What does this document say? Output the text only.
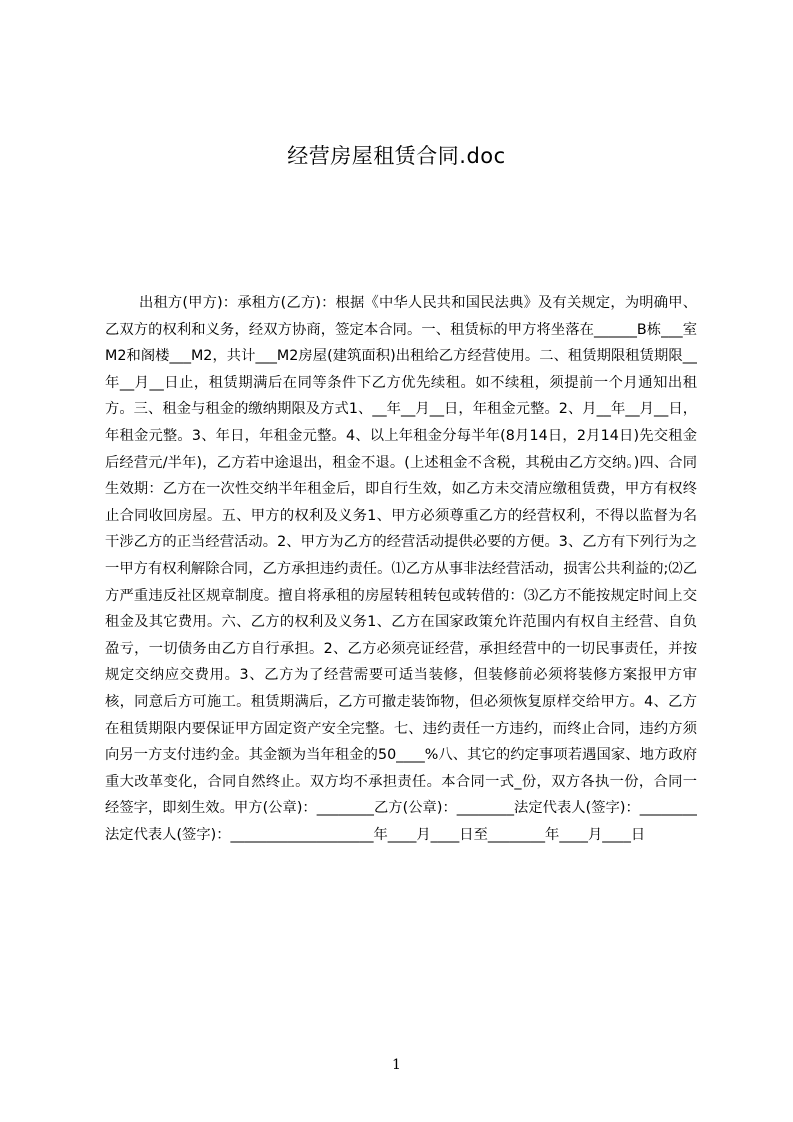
经营房屋租赁合同.doc

出租方(甲方)：承租方(乙方)：根据《中华人民共和国民法典》及有关规定，为明确甲、乙双方的权利和义务，经双方协商，签定本合同。一、租赁标的甲方将坐落在______B栋___室M2和阁楼___M2，共计___M2房屋(建筑面积)出租给乙方经营使用。二、租赁期限租赁期限__年__月__日止，租赁期满后在同等条件下乙方优先续租。如不续租，须提前一个月通知出租方。三、租金与租金的缴纳期限及方式1、__年__月__日，年租金元整。2、月__年__月__日，年租金元整。3、年日，年租金元整。4、以上年租金分每半年(8月14日，2月14日)先交租金后经营元/半年)，乙方若中途退出，租金不退。(上述租金不含税，其税由乙方交纳。)四、合同生效期：乙方在一次性交纳半年租金后，即自行生效，如乙方未交清应缴租赁费，甲方有权终止合同收回房屋。五、甲方的权利及义务1、甲方必须尊重乙方的经营权利，不得以监督为名干涉乙方的正当经营活动。2、甲方为乙方的经营活动提供必要的方便。3、乙方有下列行为之一甲方有权利解除合同，乙方承担违约责任。⑴乙方从事非法经营活动，损害公共利益的;⑵乙方严重违反社区规章制度。擅自将承租的房屋转租转包或转借的：⑶乙方不能按规定时间上交租金及其它费用。六、乙方的权利及义务1、乙方在国家政策允许范围内有权自主经营、自负盈亏，一切债务由乙方自行承担。2、乙方必须亮证经营，承担经营中的一切民事责任，并按规定交纳应交费用。3、乙方为了经营需要可适当装修，但装修前必须将装修方案报甲方审核，同意后方可施工。租赁期满后，乙方可撤走装饰物，但必须恢复原样交给甲方。4、乙方在租赁期限内要保证甲方固定资产安全完整。七、违约责任一方违约，而终止合同，违约方须向另一方支付违约金。其金额为当年租金的50____%八、其它的约定事项若遇国家、地方政府重大改革变化，合同自然终止。双方均不承担责任。本合同一式_份，双方各执一份，合同一经签字，即刻生效。甲方(公章)：________乙方(公章)：________法定代表人(签字)：________法定代表人(签字)：____________________年____月____日至________年____月____日

1
